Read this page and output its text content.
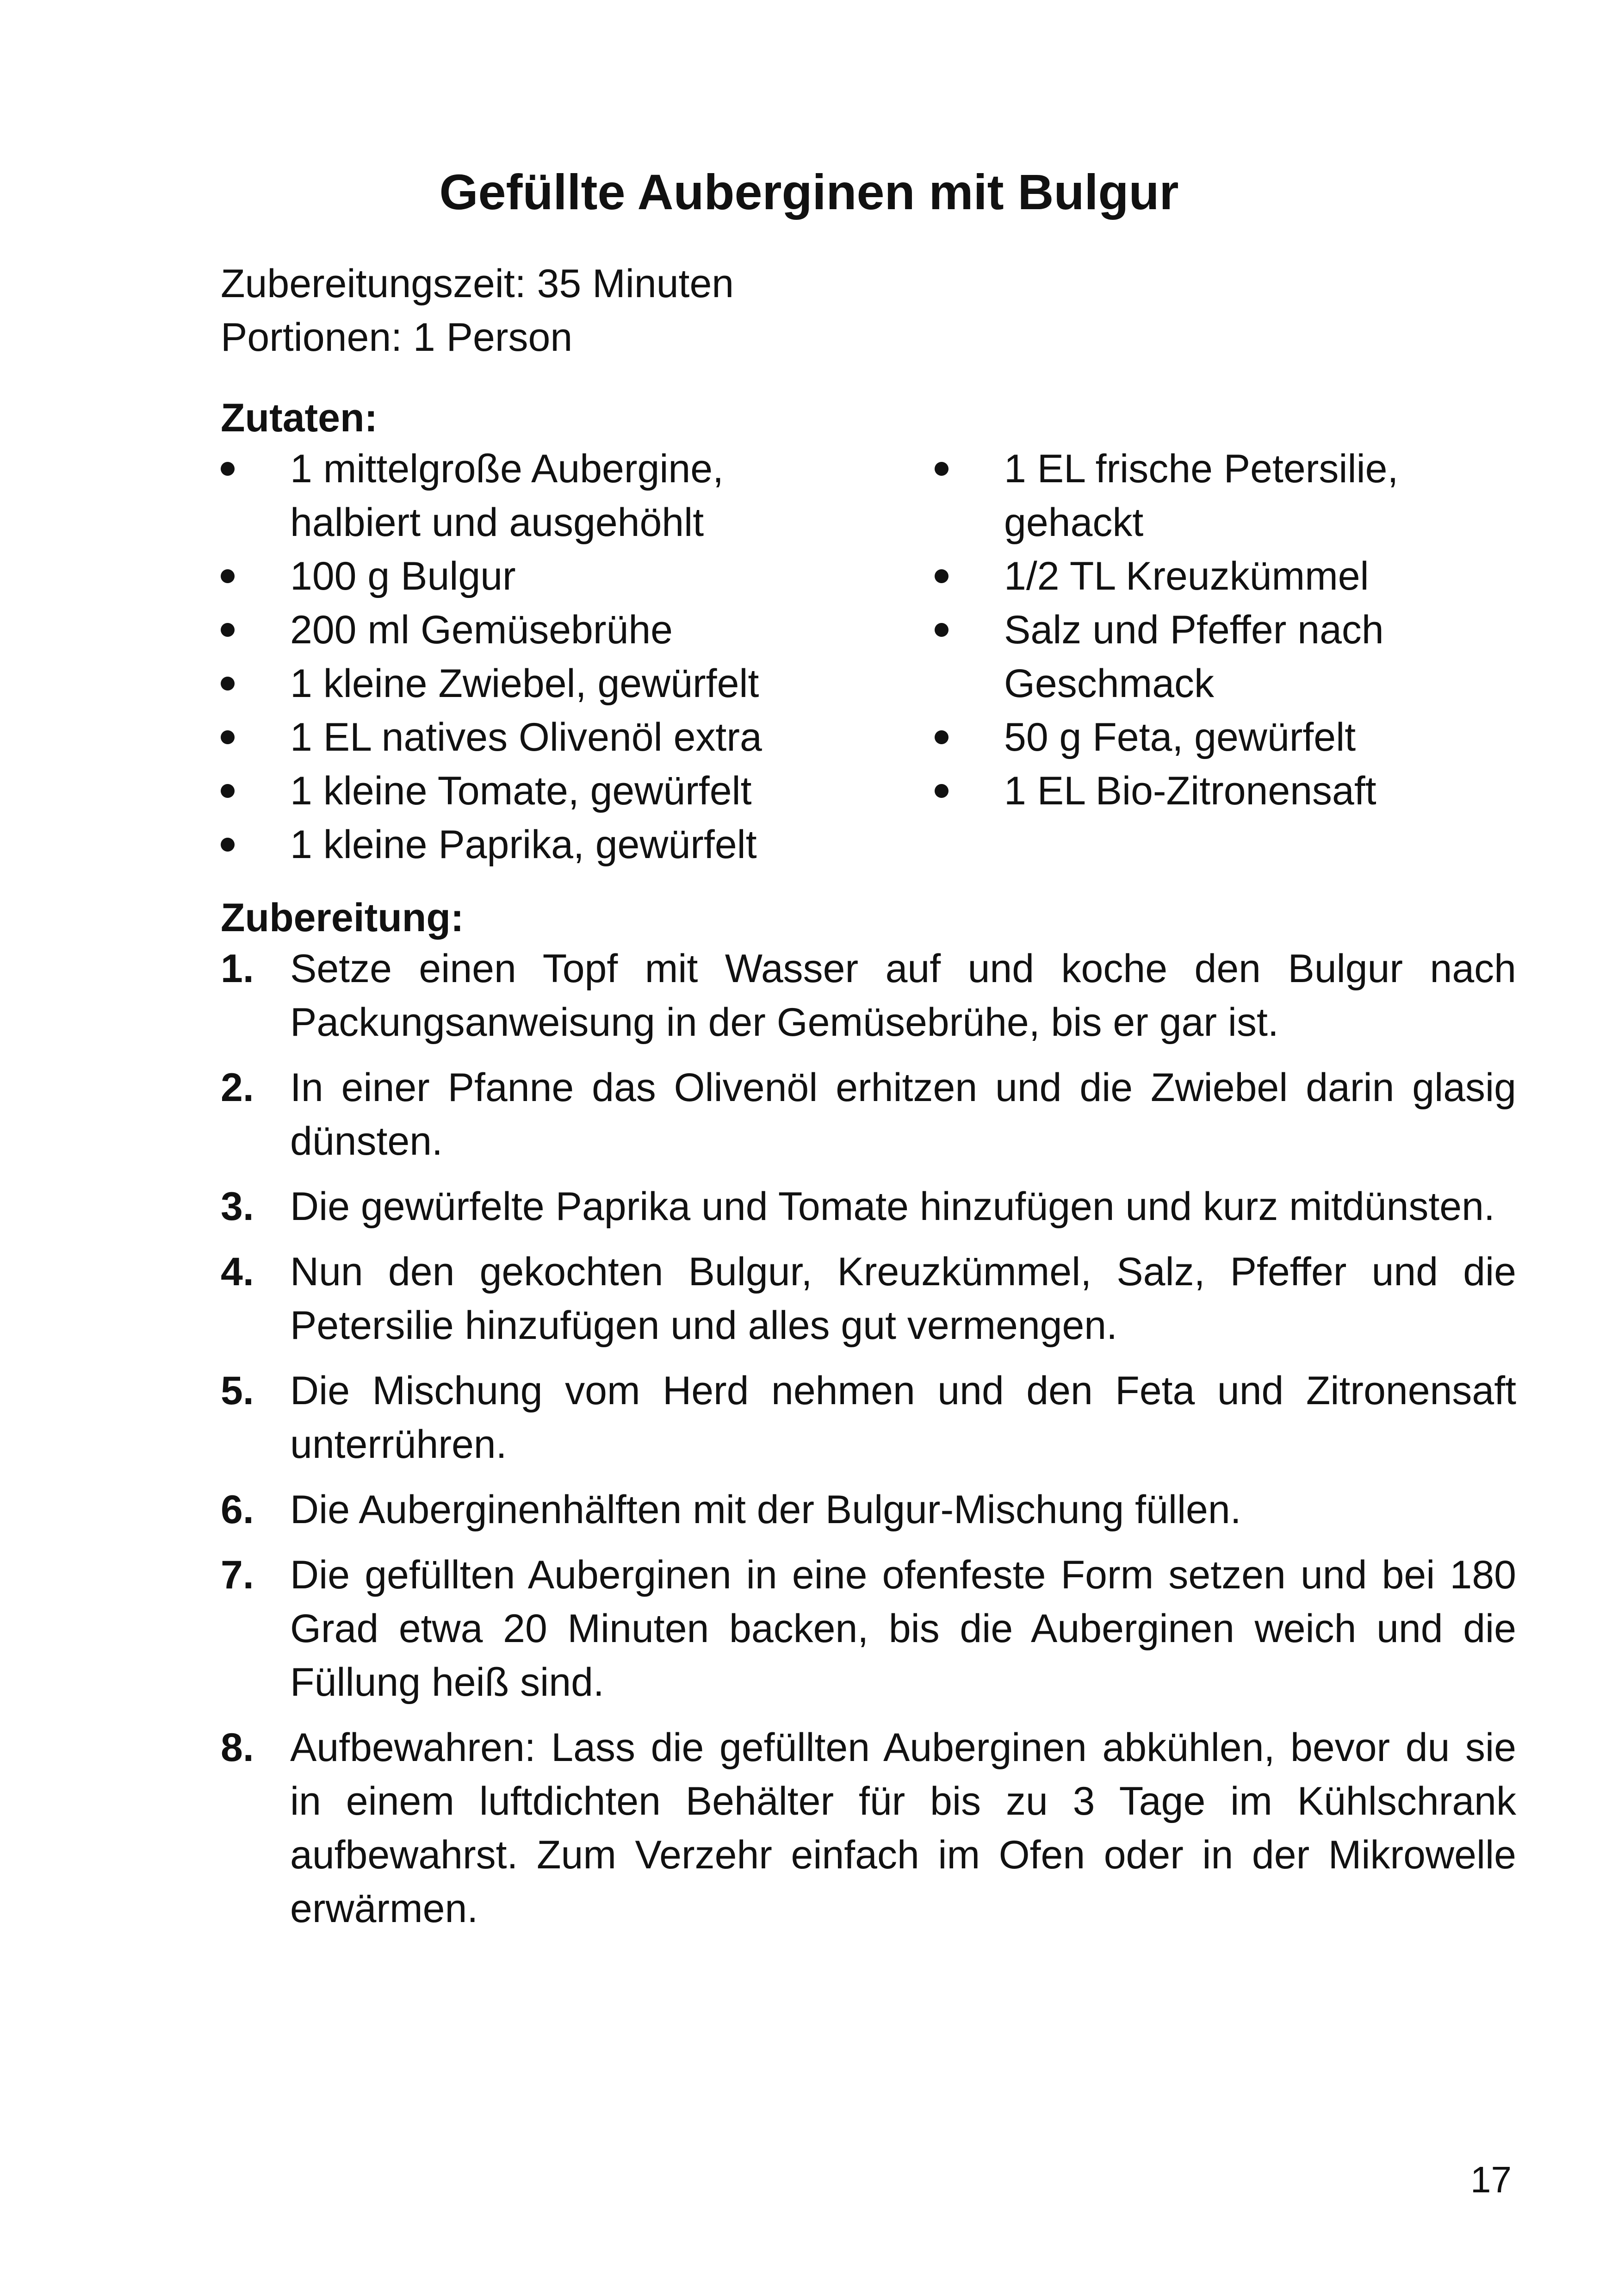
Gefüllte Auberginen mit Bulgur
Zubereitungszeit: 35 Minuten
Portionen: 1 Person
Zutaten:
1 mittelgroße Aubergine, halbiert und ausgehöhlt
100 g Bulgur
200 ml Gemüsebrühe
1 kleine Zwiebel, gewürfelt
1 EL natives Olivenöl extra
1 kleine Tomate, gewürfelt
1 kleine Paprika, gewürfelt
1 EL frische Petersilie, gehackt
1/2 TL Kreuzkümmel
Salz und Pfeffer nach Geschmack
50 g Feta, gewürfelt
1 EL Bio-Zitronensaft
Zubereitung:
1. Setze einen Topf mit Wasser auf und koche den Bulgur nach Packungsanweisung in der Gemüsebrühe, bis er gar ist.
2. In einer Pfanne das Olivenöl erhitzen und die Zwiebel darin glasig dünsten.
3. Die gewürfelte Paprika und Tomate hinzufügen und kurz mitdünsten.
4. Nun den gekochten Bulgur, Kreuzkümmel, Salz, Pfeffer und die Petersilie hinzufügen und alles gut vermengen.
5. Die Mischung vom Herd nehmen und den Feta und Zitronensaft unterrühren.
6. Die Auberginenhälften mit der Bulgur-Mischung füllen.
7. Die gefüllten Auberginen in eine ofenfeste Form setzen und bei 180 Grad etwa 20 Minuten backen, bis die Auberginen weich und die Füllung heiß sind.
8. Aufbewahren: Lass die gefüllten Auberginen abkühlen, bevor du sie in einem luftdichten Behälter für bis zu 3 Tage im Kühlschrank aufbewahrst. Zum Verzehr einfach im Ofen oder in der Mikrowelle erwärmen.
17
